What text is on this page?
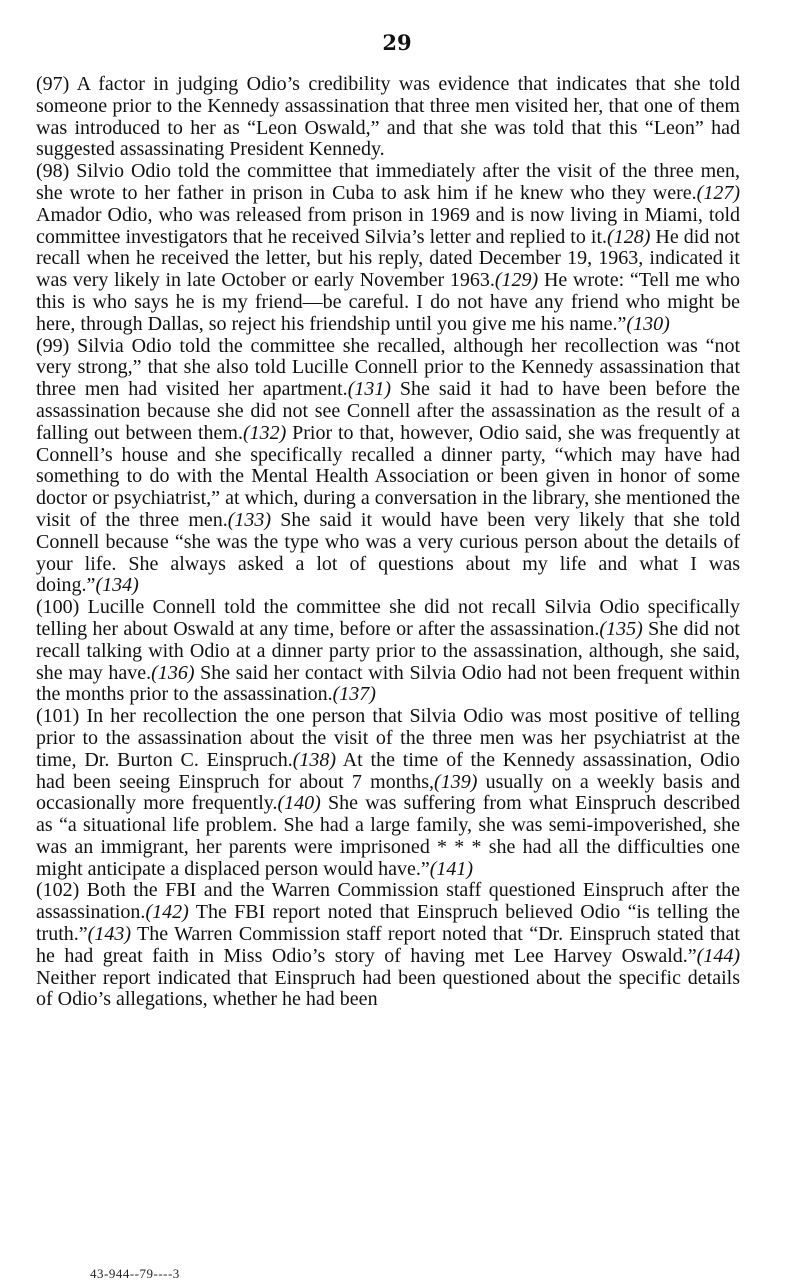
29

(97) A factor in judging Odio’s credibility was evidence that indicates that she told someone prior to the Kennedy assassination that three men visited her, that one of them was introduced to her as “Leon Oswald,” and that she was told that this “Leon” had suggested assassinating President Kennedy.

(98) Silvio Odio told the committee that immediately after the visit of the three men, she wrote to her father in prison in Cuba to ask him if he knew who they were.(127) Amador Odio, who was released from prison in 1969 and is now living in Miami, told committee investigators that he received Silvia’s letter and replied to it.(128) He did not recall when he received the letter, but his reply, dated December 19, 1963, indicated it was very likely in late October or early November 1963.(129) He wrote: “Tell me who this is who says he is my friend—be careful. I do not have any friend who might be here, through Dallas, so reject his friendship until you give me his name.”(130)

(99) Silvia Odio told the committee she recalled, although her recollection was “not very strong,” that she also told Lucille Connell prior to the Kennedy assassination that three men had visited her apartment.(131) She said it had to have been before the assassination because she did not see Connell after the assassination as the result of a falling out between them.(132) Prior to that, however, Odio said, she was frequently at Connell’s house and she specifically recalled a dinner party, “which may have had something to do with the Mental Health Association or been given in honor of some doctor or psychiatrist,” at which, during a conversation in the library, she mentioned the visit of the three men.(133) She said it would have been very likely that she told Connell because “she was the type who was a very curious person about the details of your life. She always asked a lot of questions about my life and what I was doing.”(134)

(100) Lucille Connell told the committee she did not recall Silvia Odio specifically telling her about Oswald at any time, before or after the assassination.(135) She did not recall talking with Odio at a dinner party prior to the assassination, although, she said, she may have.(136) She said her contact with Silvia Odio had not been frequent within the months prior to the assassination.(137)

(101) In her recollection the one person that Silvia Odio was most positive of telling prior to the assassination about the visit of the three men was her psychiatrist at the time, Dr. Burton C. Einspruch.(138) At the time of the Kennedy assassination, Odio had been seeing Einspruch for about 7 months,(139) usually on a weekly basis and occasionally more frequently.(140) She was suffering from what Einspruch described as “a situational life problem. She had a large family, she was semi-impoverished, she was an immigrant, her parents were imprisoned * * * she had all the difficulties one might anticipate a displaced person would have.”(141)

(102) Both the FBI and the Warren Commission staff questioned Einspruch after the assassination.(142) The FBI report noted that Einspruch believed Odio “is telling the truth.”(143) The Warren Commission staff report noted that “Dr. Einspruch stated that he had great faith in Miss Odio’s story of having met Lee Harvey Oswald.”(144) Neither report indicated that Einspruch had been questioned about the specific details of Odio’s allegations, whether he had been

43-944--79----3
